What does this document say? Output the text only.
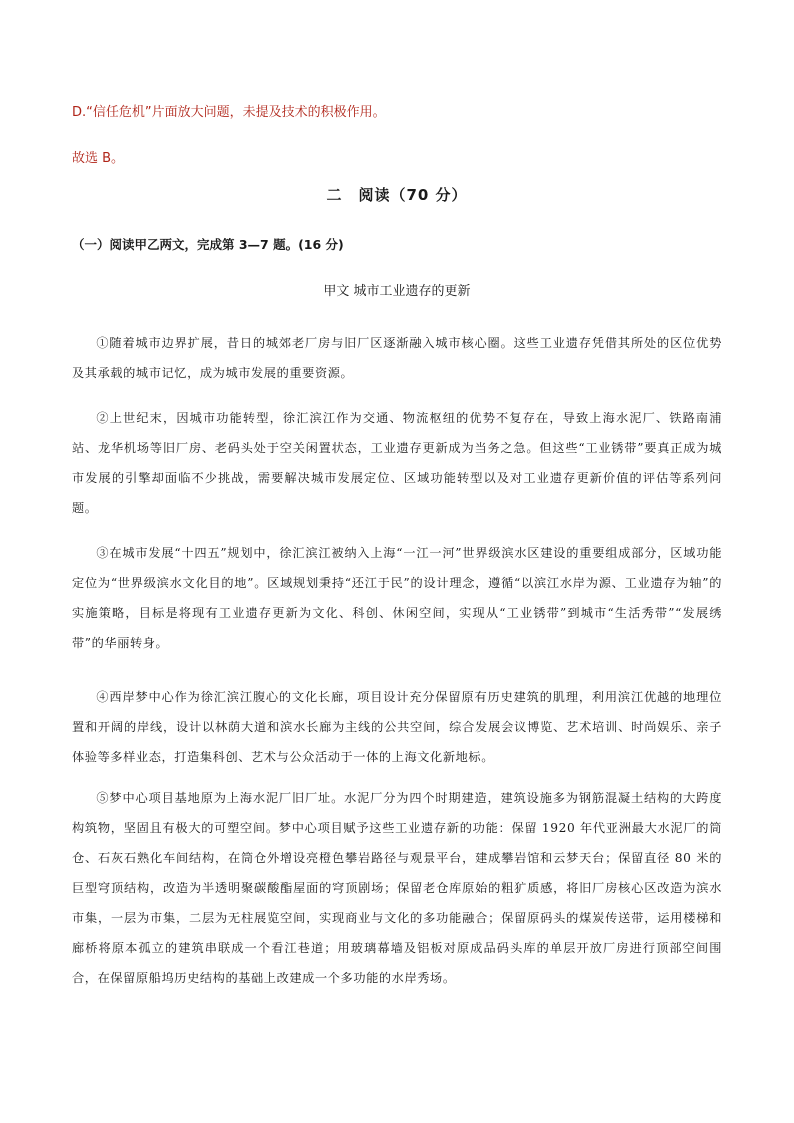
D.“信任危机”片面放大问题，未提及技术的积极作用。
故选 B。
二　阅读（70 分）
（一）阅读甲乙两文，完成第 3—7 题。(16 分)
甲文 城市工业遗存的更新

①随着城市边界扩展，昔日的城郊老厂房与旧厂区逐渐融入城市核心圈。这些工业遗存凭借其所处的区位优势及其承载的城市记忆，成为城市发展的重要资源。

②上世纪末，因城市功能转型，徐汇滨江作为交通、物流枢纽的优势不复存在，导致上海水泥厂、铁路南浦站、龙华机场等旧厂房、老码头处于空关闲置状态，工业遗存更新成为当务之急。但这些“工业锈带”要真正成为城市发展的引擎却面临不少挑战，需要解决城市发展定位、区域功能转型以及对工业遗存更新价值的评估等系列问题。

③在城市发展“十四五”规划中，徐汇滨江被纳入上海“一江一河”世界级滨水区建设的重要组成部分，区域功能定位为“世界级滨水文化目的地”。区域规划秉持“还江于民”的设计理念，遵循“以滨江水岸为源、工业遗存为轴”的实施策略，目标是将现有工业遗存更新为文化、科创、休闲空间，实现从“工业锈带”到城市“生活秀带”“发展绣带”的华丽转身。

④西岸梦中心作为徐汇滨江腹心的文化长廊，项目设计充分保留原有历史建筑的肌理，利用滨江优越的地理位置和开阔的岸线，设计以林荫大道和滨水长廊为主线的公共空间，综合发展会议博览、艺术培训、时尚娱乐、亲子体验等多样业态，打造集科创、艺术与公众活动于一体的上海文化新地标。

⑤梦中心项目基地原为上海水泥厂旧厂址。水泥厂分为四个时期建造，建筑设施多为钢筋混凝土结构的大跨度构筑物，坚固且有极大的可塑空间。梦中心项目赋予这些工业遗存新的功能：保留 1920 年代亚洲最大水泥厂的筒仓、石灰石熟化车间结构，在筒仓外增设亮橙色攀岩路径与观景平台，建成攀岩馆和云梦天台；保留直径 80 米的巨型穹顶结构，改造为半透明聚碳酸酯屋面的穹顶剧场；保留老仓库原始的粗犷质感，将旧厂房核心区改造为滨水市集，一层为市集，二层为无柱展览空间，实现商业与文化的多功能融合；保留原码头的煤炭传送带，运用楼梯和廊桥将原本孤立的建筑串联成一个看江巷道；用玻璃幕墙及铝板对原成品码头库的单层开放厂房进行顶部空间围合，在保留原船坞历史结构的基础上改建成一个多功能的水岸秀场。
